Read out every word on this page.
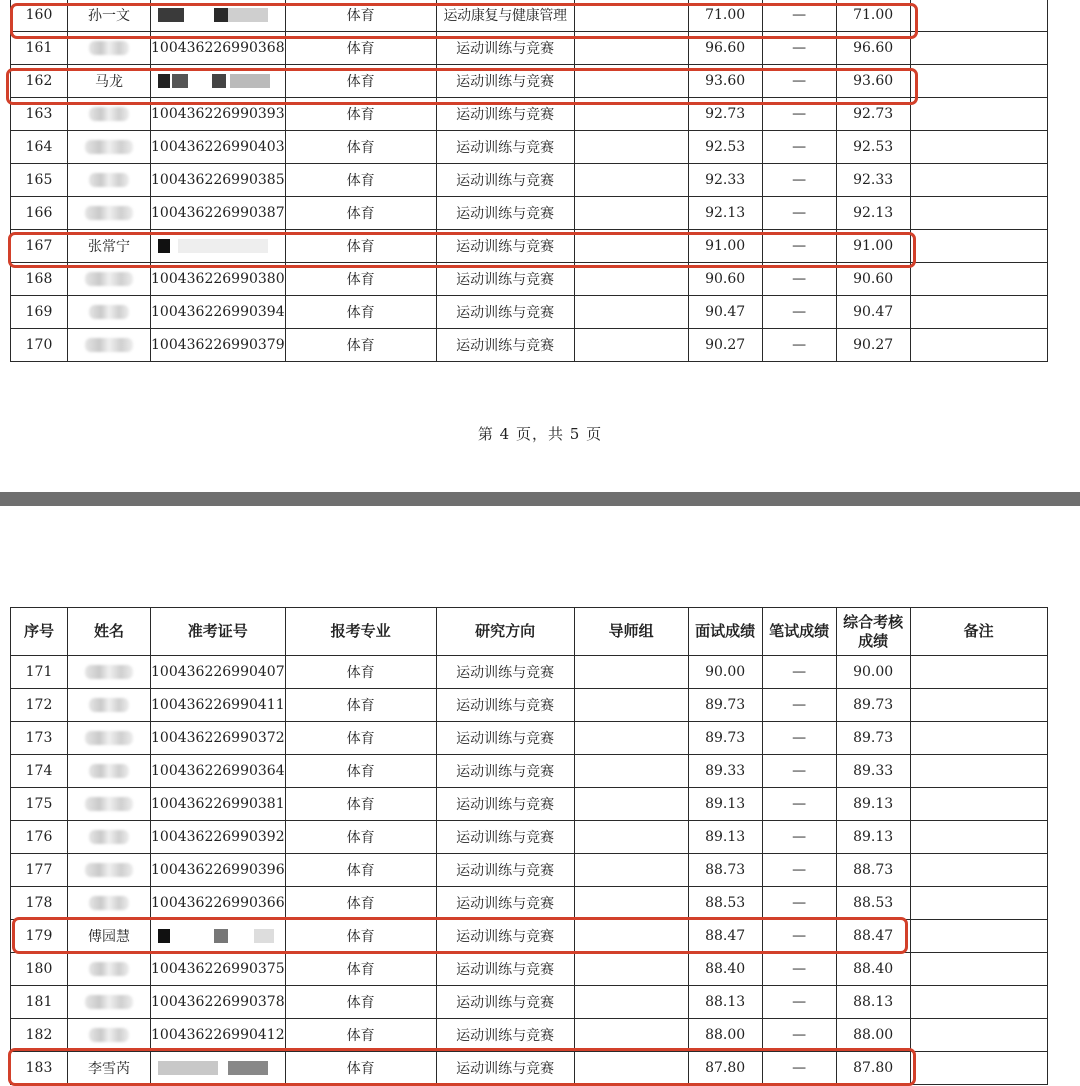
160	孙一文		体育	运动康复与健康管理		71.00	—	71.00	
161		100436226990368	体育	运动训练与竞赛		96.60	—	96.60	
162	马龙		体育	运动训练与竞赛		93.60	—	93.60	
163		100436226990393	体育	运动训练与竞赛		92.73	—	92.73	
164		100436226990403	体育	运动训练与竞赛		92.53	—	92.53	
165		100436226990385	体育	运动训练与竞赛		92.33	—	92.33	
166		100436226990387	体育	运动训练与竞赛		92.13	—	92.13	
167	张常宁		体育	运动训练与竞赛		91.00	—	91.00	
168		100436226990380	体育	运动训练与竞赛		90.60	—	90.60	
169		100436226990394	体育	运动训练与竞赛		90.47	—	90.47	
170		100436226990379	体育	运动训练与竞赛		90.27	—	90.27	
第 4 页，共 5 页
序号	姓名	准考证号	报考专业	研究方向	导师组	面试成绩	笔试成绩	综合考核成绩	备注
171		100436226990407	体育	运动训练与竞赛		90.00	—	90.00	
172		100436226990411	体育	运动训练与竞赛		89.73	—	89.73	
173		100436226990372	体育	运动训练与竞赛		89.73	—	89.73	
174		100436226990364	体育	运动训练与竞赛		89.33	—	89.33	
175		100436226990381	体育	运动训练与竞赛		89.13	—	89.13	
176		100436226990392	体育	运动训练与竞赛		89.13	—	89.13	
177		100436226990396	体育	运动训练与竞赛		88.73	—	88.73	
178		100436226990366	体育	运动训练与竞赛		88.53	—	88.53	
179	傅园慧		体育	运动训练与竞赛		88.47	—	88.47	
180		100436226990375	体育	运动训练与竞赛		88.40	—	88.40	
181		100436226990378	体育	运动训练与竞赛		88.13	—	88.13	
182		100436226990412	体育	运动训练与竞赛		88.00	—	88.00	
183	李雪芮		体育	运动训练与竞赛		87.80	—	87.80	
